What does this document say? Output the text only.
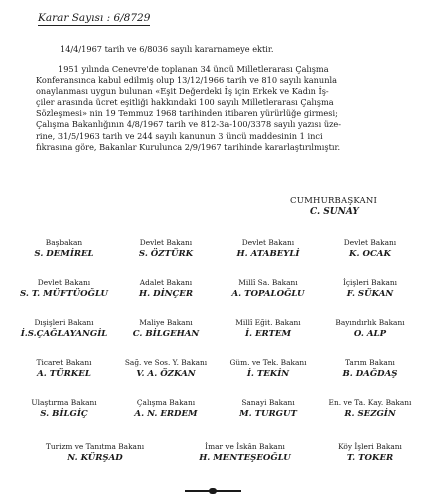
Karar Sayısı : 6/8729
14/4/1967 tarih ve 6/8036 sayılı kararnameye ektir.
1951 yılında Cenevre'de toplanan 34 üncü Milletlerarası Çalışma
Konferansınca kabul edilmiş olup 13/12/1966 tarih ve 810 sayılı kanunla
onaylanması uygun bulunan «Eşit Değerdeki İş için Erkek ve Kadın İş-
çiler arasında ücret eşitliği hakkındaki 100 sayılı Milletlerarası Çalışma
Sözleşmesi» nin 19 Temmuz 1968 tarihinden itibaren yürürlüğe girmesi;
Çalışma Bakanlığının 4/8/1967 tarih ve 812-3a-100/3378 sayılı yazısı üze-
rine, 31/5/1963 tarih ve 244 sayılı kanunun 3 üncü maddesinin 1 inci
fıkrasına göre, Bakanlar Kurulunca 2/9/1967 tarihinde kararlaştırılmıştır.
CUMHURBAŞKANI
C. SUNAY
Başbakan
S. DEMİREL
Devlet Bakanı
S. ÖZTÜRK
Devlet Bakanı
H. ATABEYLİ
Devlet Bakanı
K. OCAK
Devlet Bakanı
S. T. MÜFTÜOĞLU
Adalet Bakanı
H. DİNÇER
Millî Sa. Bakanı
A. TOPALOĞLU
İçişleri Bakanı
F. SÜKAN
Dışişleri Bakanı
İ.S.ÇAĞLAYANGİL
Maliye Bakanı
C. BİLGEHAN
Millî Eğit. Bakanı
İ. ERTEM
Bayındırlık Bakanı
O. ALP
Ticaret Bakanı
A. TÜRKEL
Sağ. ve Sos. Y. Bakanı
V. A. ÖZKAN
Güm. ve Tek. Bakanı
İ. TEKİN
Tarım Bakanı
B. DAĞDAŞ
Ulaştırma Bakanı
S. BİLGİÇ
Çalışma Bakanı
A. N. ERDEM
Sanayi Bakanı
M. TURGUT
En. ve Ta. Kay. Bakanı
R. SEZGİN
Turizm ve Tanıtma Bakanı
N. KÜRŞAD
İmar ve İskân Bakanı
H. MENTEŞEOĞLU
Köy İşleri Bakanı
T. TOKER
